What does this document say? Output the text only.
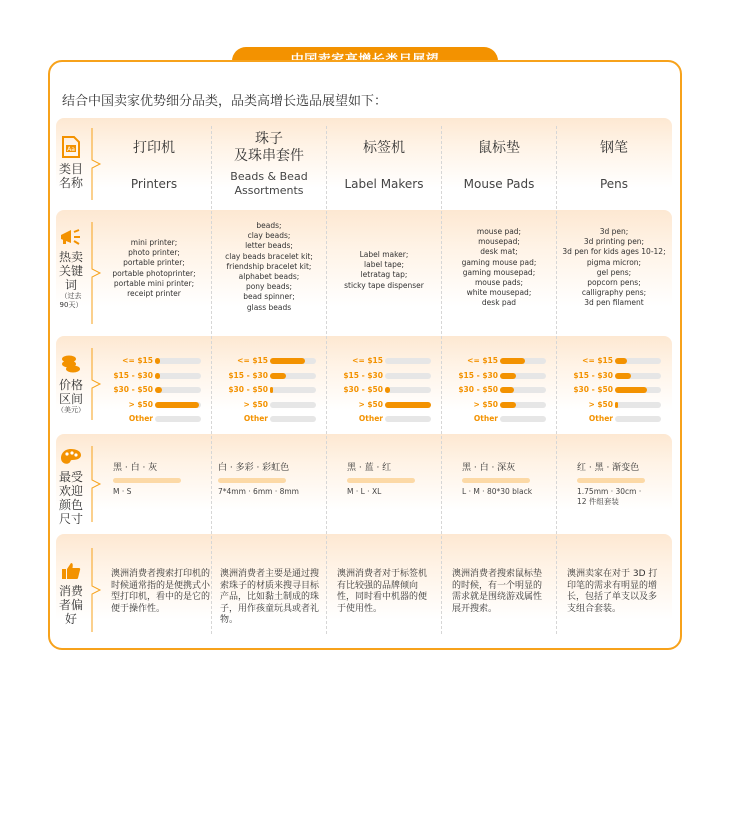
结合中国卖家优势细分品类，品类高增长选品展望如下：
Aa
类目
名称
热卖
关键
词
（过去
90天）
价格
区间
（美元）
最受
欢迎
颜色
尺寸
消费
者偏
好
打印机
Printers
mini printer;
photo printer;
portable printer;
portable photoprinter;
portable mini printer;
receipt printer
<= $15
$15 - $30
$30 - $50
> $50
Other
黑 · 白 · 灰
M · S
澳洲消费者搜索打印机的时候通常指的是便携式小型打印机，看中的是它的便于操作性。
珠子
及珠串套件
Beads & Bead
Assortments
beads;
clay beads;
letter beads;
clay beads bracelet kit;
friendship bracelet kit;
alphabet beads;
pony beads;
bead spinner;
glass beads
<= $15
$15 - $30
$30 - $50
> $50
Other
白 · 多彩 · 彩虹色
7*4mm · 6mm · 8mm
澳洲消费者主要是通过搜索珠子的材质来搜寻目标产品，比如黏土制成的珠子，用作孩童玩具或者礼物。
标签机
Label Makers
Label maker;
label tape;
letratag tap;
sticky tape dispenser
<= $15
$15 - $30
$30 - $50
> $50
Other
黑 · 蓝 · 红
M · L · XL
澳洲消费者对于标签机有比较强的品牌倾向性，同时看中机器的便于使用性。
鼠标垫
Mouse Pads
mouse pad;
mousepad;
desk mat;
gaming mouse pad;
gaming mousepad;
mouse pads;
white mousepad;
desk pad
<= $15
$15 - $30
$30 - $50
> $50
Other
黑 · 白 · 深灰
L · M · 80*30 black
澳洲消费者搜索鼠标垫的时候，有一个明显的需求就是围绕游戏属性展开搜索。
钢笔
Pens
3d pen;
3d printing pen;
3d pen for kids ages 10-12;
pigma micron;
gel pens;
popcorn pens;
calligraphy pens;
3d pen filament
<= $15
$15 - $30
$30 - $50
> $50
Other
红 · 黑 · 渐变色
1.75mm · 30cm ·
12 件组套装
澳洲卖家在对于 3D 打印笔的需求有明显的增长，包括了单支以及多支组合套装。
